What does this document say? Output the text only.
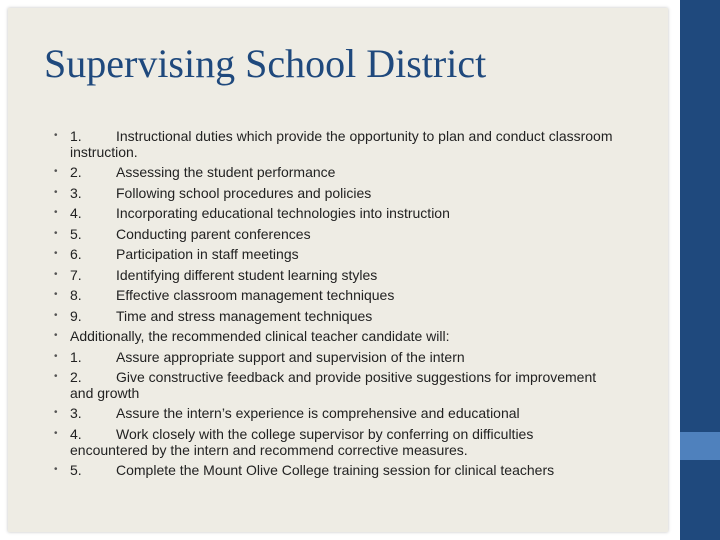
Supervising School District
• 1. Instructional duties which provide the opportunity to plan and conduct classroom instruction.
• 2. Assessing the student performance
• 3. Following school procedures and policies
• 4. Incorporating educational technologies into instruction
• 5. Conducting parent conferences
• 6. Participation in staff meetings
• 7. Identifying different student learning styles
• 8. Effective classroom management techniques
• 9. Time and stress management techniques
• Additionally, the recommended clinical teacher candidate will:
• 1. Assure appropriate support and supervision of the intern
• 2. Give constructive feedback and provide positive suggestions for improvement and growth
• 3. Assure the intern’s experience is comprehensive and educational
• 4. Work closely with the college supervisor by conferring on difficulties encountered by the intern and recommend corrective measures.
• 5. Complete the Mount Olive College training session for clinical teachers
